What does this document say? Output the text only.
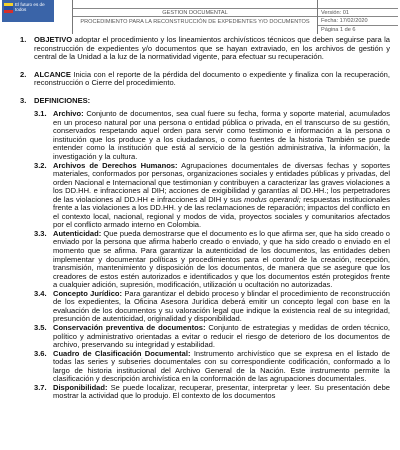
El futuro es de todos	GESTION DOCUMENTAL
PROCEDIMIENTO PARA LA RECONSTRUCCIÓN DE EXPEDIENTES Y/O DOCUMENTOS
Versión: 01
Fecha: 17/02/2020
Página 1 de 6
1.	OBJETIVO adoptar el procedimiento y los lineamientos archivísticos técnicos que deben seguirse para la reconstrucción de expedientes y/o documentos que se hayan extraviado, en los archivos de gestión y central de la Unidad a la luz de la normatividad vigente, para efectuar su recuperación.
2.	ALCANCE Inicia con el reporte de la pérdida del documento o expediente y finaliza con la recuperación, reconstrucción o Cierre del procedimiento.
3.	DEFINICIONES:
3.1. Archivo: Conjunto de documentos, sea cual fuere su fecha, forma y soporte material, acumulados en un proceso natural por una persona o entidad pública o privada, en el transcurso de su gestión, conservados respetando aquel orden para servir como testimonio e información a la persona o institución que los produce y a los ciudadanos, o como fuentes de la historia También se puede entender como la institución que está al servicio de la gestión administrativa, la información, la investigación y la cultura.
3.2. Archivos de Derechos Humanos: Agrupaciones documentales de diversas fechas y soportes materiales, conformados por personas, organizaciones sociales y entidades públicas y privadas, del orden Nacional e Internacional que testimonian y contribuyen a caracterizar las graves violaciones a los DD.HH. e infracciones al DIH; acciones de exigibilidad y garantías al DD.HH.; los perpetradores de las violaciones al DD.HH e infracciones al DIH y sus modus operandi; respuestas institucionales frente a las violaciones a los DD.HH. y de las reclamaciones de reparación; impactos del conflicto en el contexto local, nacional, regional y modos de vida, proyectos sociales y comunitarios afectados por el conflicto armado interno en Colombia.
3.3. Autenticidad: Que pueda demostrarse que el documento es lo que afirma ser, que ha sido creado o enviado por la persona que afirma haberlo creado o enviado, y que ha sido creado o enviado en el momento que se afirma. Para garantizar la autenticidad de los documentos, las entidades deben implementar y documentar políticas y procedimientos para el control de la creación, recepción, transmisión, mantenimiento y disposición de los documentos, de manera que se asegure que los creadores de estos estén autorizados e identificados y que los documentos estén protegidos frente a cualquier adición, supresión, modificación, utilización u ocultación no autorizadas.
3.4. Concepto Jurídico: Para garantizar el debido proceso y blindar el procedimiento de reconstrucción de los expedientes, la Oficina Asesora Jurídica deberá emitir un concepto legal con base en la evaluación de los documentos y su valoración legal que indique la existencia real de su integridad, presunción de autenticidad, originalidad y disponibilidad.
3.5. Conservación preventiva de documentos: Conjunto de estrategias y medidas de orden técnico, político y administrativo orientadas a evitar o reducir el riesgo de deterioro de los documentos de archivo, preservando su integridad y estabilidad.
3.6. Cuadro de Clasificación Documental: Instrumento archivístico que se expresa en el listado de todas las series y subseries documentales con su correspondiente codificación, conformado a lo largo de historia institucional del Archivo General de la Nación. Este instrumento permite la clasificación y descripción archivística en la conformación de las agrupaciones documentales.
3.7. Disponibilidad: Se puede localizar, recuperar, presentar, interpretar y leer. Su presentación debe mostrar la actividad que lo produjo. El contexto de los documentos
